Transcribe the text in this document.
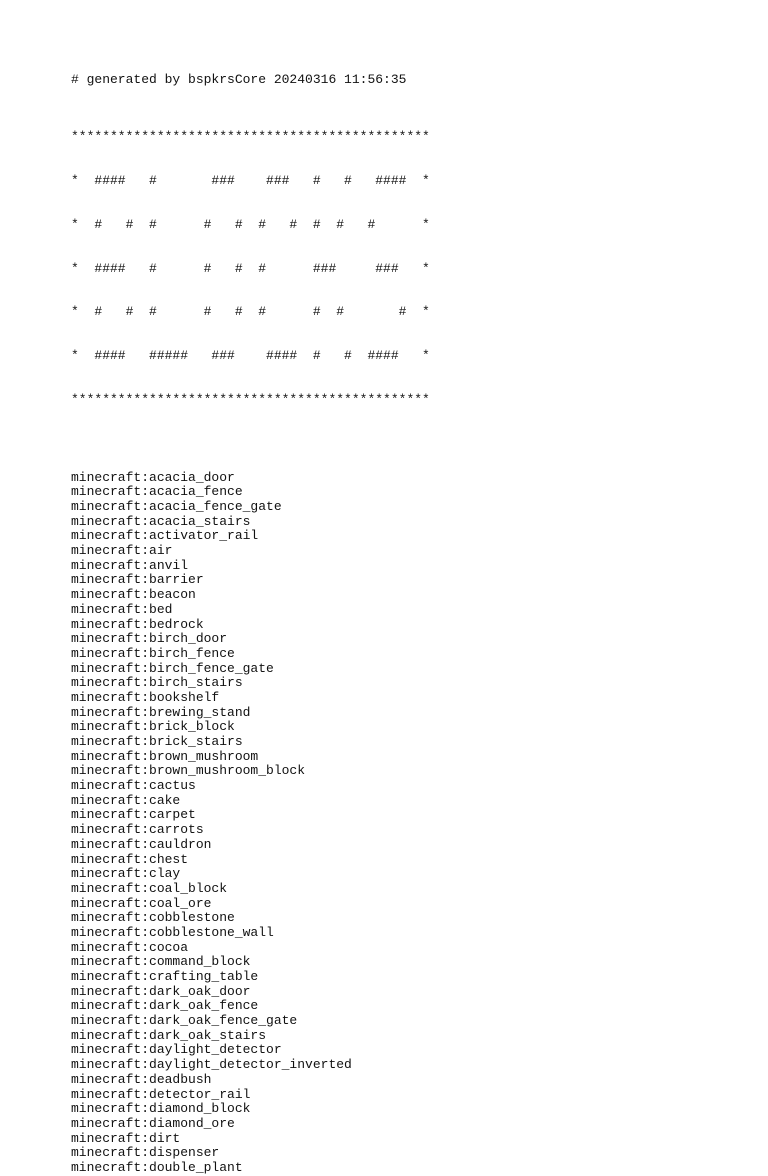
# generated by bspkrsCore 20240316 11:56:35

**********************************************

*  ####   #       ###    ###   #   #   ####  *

*  #   #  #      #   #  #   #  #  #   #      *

*  ####   #      #   #  #      ###     ###   *

*  #   #  #      #   #  #      #  #       #  *

*  ####   #####   ###    ####  #   #  ####   *

**********************************************

minecraft:acacia_door
minecraft:acacia_fence
minecraft:acacia_fence_gate
minecraft:acacia_stairs
minecraft:activator_rail
minecraft:air
minecraft:anvil
minecraft:barrier
minecraft:beacon
minecraft:bed
minecraft:bedrock
minecraft:birch_door
minecraft:birch_fence
minecraft:birch_fence_gate
minecraft:birch_stairs
minecraft:bookshelf
minecraft:brewing_stand
minecraft:brick_block
minecraft:brick_stairs
minecraft:brown_mushroom
minecraft:brown_mushroom_block
minecraft:cactus
minecraft:cake
minecraft:carpet
minecraft:carrots
minecraft:cauldron
minecraft:chest
minecraft:clay
minecraft:coal_block
minecraft:coal_ore
minecraft:cobblestone
minecraft:cobblestone_wall
minecraft:cocoa
minecraft:command_block
minecraft:crafting_table
minecraft:dark_oak_door
minecraft:dark_oak_fence
minecraft:dark_oak_fence_gate
minecraft:dark_oak_stairs
minecraft:daylight_detector
minecraft:daylight_detector_inverted
minecraft:deadbush
minecraft:detector_rail
minecraft:diamond_block
minecraft:diamond_ore
minecraft:dirt
minecraft:dispenser
minecraft:double_plant
